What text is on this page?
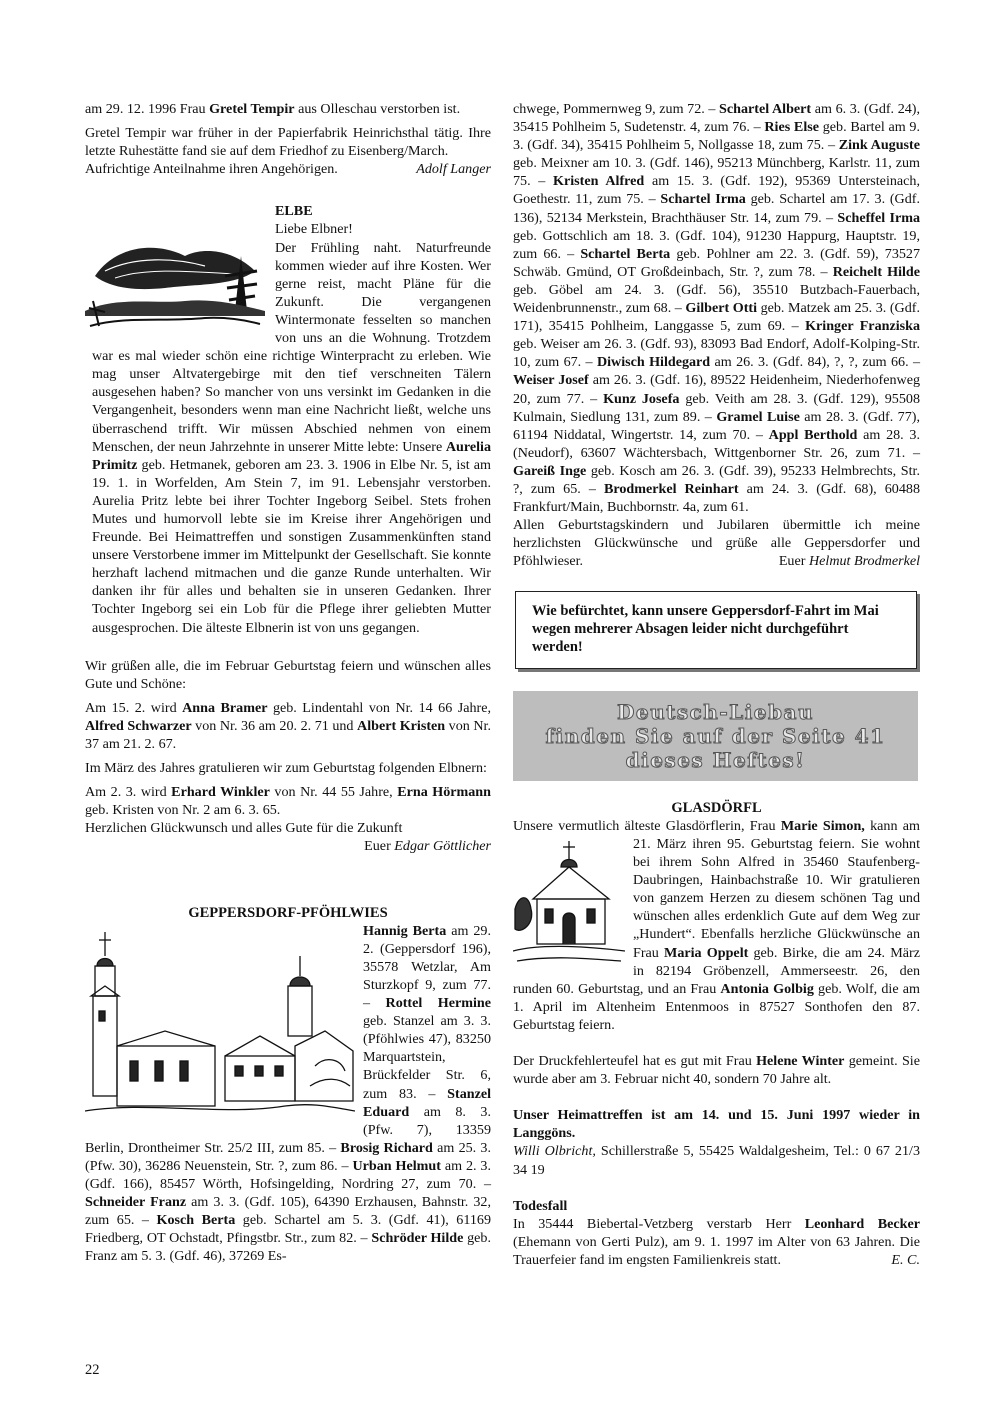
am 29. 12. 1996 Frau Gretel Tempir aus Olleschau verstorben ist.

Gretel Tempir war früher in der Papierfabrik Heinrichsthal tätig. Ihre letzte Ruhestätte fand sie auf dem Friedhof zu Eisenberg/March.

Aufrichtige Anteilnahme ihren Angehörigen.	Adolf Langer

ELBE

Liebe Elbner!

Der Frühling naht. Naturfreunde kommen wieder auf ihre Kosten. Wer gerne reist, macht Pläne für die Zukunft. Die vergangenen Wintermonate fesselten so manchen von uns an die Wohnung. Trotzdem war es mal wieder schön eine richtige Winterpracht zu erleben. Wie mag unser Altvatergebirge mit den tief verschneiten Tälern ausgesehen haben? So mancher von uns versinkt im Gedanken in die Vergangenheit, besonders wenn man eine Nachricht ließt, welche uns überraschend trifft. Wir müssen Abschied nehmen von einem Menschen, der neun Jahrzehnte in unserer Mitte lebte: Unsere Aurelia Primitz geb. Hetmanek, geboren am 23. 3. 1906 in Elbe Nr. 5, ist am 19. 1. in Worfelden, Am Stein 7, im 91. Lebensjahr verstorben. Aurelia Pritz lebte bei ihrer Tochter Ingeborg Seibel. Stets frohen Mutes und humorvoll lebte sie im Kreise ihrer Angehörigen und Freunde. Bei Heimattreffen und sonstigen Zusammenkünften stand unsere Verstorbene immer im Mittelpunkt der Gesellschaft. Sie konnte herzhaft lachend mitmachen und die ganze Runde unterhalten. Wir danken ihr für alles und behalten sie in unseren Gedanken. Ihrer Tochter Ingeborg sei ein Lob für die Pflege ihrer geliebten Mutter ausgesprochen. Die älteste Elbnerin ist von uns gegangen.

Wir grüßen alle, die im Februar Geburtstag feiern und wünschen alles Gute und Schöne:

Am 15. 2. wird Anna Bramer geb. Lindentahl von Nr. 14 66 Jahre, Alfred Schwarzer von Nr. 36 am 20. 2. 71 und Albert Kristen von Nr. 37 am 21. 2. 67.

Im März des Jahres gratulieren wir zum Geburtstag folgenden Elbnern:

Am 2. 3. wird Erhard Winkler von Nr. 44 55 Jahre, Erna Hörmann geb. Kristen von Nr. 2 am 6. 3. 65.

Herzlichen Glückwunsch und alles Gute für die Zukunft

Euer Edgar Göttlicher

GEPPERSDORF-PFÖHLWIES

Hannig Berta am 29. 2. (Geppersdorf 196), 35578 Wetzlar, Am Sturzkopf 9, zum 77. – Rottel Hermine geb. Stanzel am 3. 3. (Pföhlwies 47), 83250 Marquartstein, Brückfelder Str. 6, zum 83. – Stanzel Eduard am 8. 3. (Pfw. 7), 13359 Berlin, Drontheimer Str. 25/2 III, zum 85. – Brosig Richard am 25. 3. (Pfw. 30), 36286 Neuenstein, Str. ?, zum 86. – Urban Helmut am 2. 3. (Gdf. 166), 85457 Wörth, Hofsingelding, Nordring 27, zum 70. – Schneider Franz am 3. 3. (Gdf. 105), 64390 Erzhausen, Bahnstr. 32, zum 65. – Kosch Berta geb. Schartel am 5. 3. (Gdf. 41), 61169 Friedberg, OT Ochstadt, Pfingstbr. Str., zum 82. – Schröder Hilde geb. Franz am 5. 3. (Gdf. 46), 37269 Es-

chwege, Pommernweg 9, zum 72. – Schartel Albert am 6. 3. (Gdf. 24), 35415 Pohlheim 5, Sudetenstr. 4, zum 76. – Ries Else geb. Bartel am 9. 3. (Gdf. 34), 35415 Pohlheim 5, Nollgasse 18, zum 75. – Zink Auguste geb. Meixner am 10. 3. (Gdf. 146), 95213 Münchberg, Karlstr. 11, zum 75. – Kristen Alfred am 15. 3. (Gdf. 192), 95369 Untersteinach, Goethestr. 11, zum 75. – Schartel Irma geb. Schartel am 17. 3. (Gdf. 136), 52134 Merkstein, Brachthäuser Str. 14, zum 79. – Scheffel Irma geb. Gottschlich am 18. 3. (Gdf. 104), 91230 Happurg, Hauptstr. 19, zum 66. – Schartel Berta geb. Pohlner am 22. 3. (Gdf. 59), 73527 Schwäb. Gmünd, OT Großdeinbach, Str. ?, zum 78. – Reichelt Hilde geb. Göbel am 24. 3. (Gdf. 56), 35510 Butzbach-Fauerbach, Weidenbrunnenstr., zum 68. – Gilbert Otti geb. Matzek am 25. 3. (Gdf. 171), 35415 Pohlheim, Langgasse 5, zum 69. – Kringer Franziska geb. Weiser am 26. 3. (Gdf. 93), 83093 Bad Endorf, Adolf-Kolping-Str. 10, zum 67. – Diwisch Hildegard am 26. 3. (Gdf. 84), ?, ?, zum 66. – Weiser Josef am 26. 3. (Gdf. 16), 89522 Heidenheim, Niederhofenweg 20, zum 77. – Kunz Josefa geb. Veith am 28. 3. (Gdf. 129), 95508 Kulmain, Siedlung 131, zum 89. – Gramel Luise am 28. 3. (Gdf. 77), 61194 Niddatal, Wingertstr. 14, zum 70. – Appl Berthold am 28. 3. (Neudorf), 63607 Wächtersbach, Wittgenborner Str. 26, zum 71. – Gareiß Inge geb. Kosch am 26. 3. (Gdf. 39), 95233 Helmbrechts, Str. ?, zum 65. – Brodmerkel Reinhart am 24. 3. (Gdf. 68), 60488 Frankfurt/Main, Buchbornstr. 4a, zum 61.

Allen Geburtstagskindern und Jubilaren übermittle ich meine herzlichsten Glückwünsche und grüße alle Geppersdorfer und Pföhlwieser.	Euer Helmut Brodmerkel

Wie befürchtet, kann unsere Geppersdorf-Fahrt im Mai wegen mehrerer Absagen leider nicht durchgeführt werden!
Deutsch-Liebau
finden Sie auf der Seite 41
dieses Heftes!

GLASDÖRFL

Unsere vermutlich älteste Glasdörflerin, Frau Marie Simon,
kann am 21. März ihren 95. Geburtstag feiern. Sie wohnt bei ihrem Sohn Alfred in 35460 Staufenberg-Daubringen, Hainbachstraße 10. Wir gratulieren von ganzem Herzen zu diesem schönen Tag und wünschen alles erdenklich Gute auf dem Weg zur „Hundert“. Ebenfalls herzliche Glückwünsche an Frau Maria Oppelt geb. Birke, die am 24. März in 82194 Gröbenzell, Ammerseestr. 26, den runden 60. Geburtstag, und an Frau Antonia Golbig geb. Wolf, die am 1. April im Altenheim Entenmoos in 87527 Sonthofen den 87. Geburtstag feiern.

Der Druckfehlerteufel hat es gut mit Frau Helene Winter gemeint. Sie wurde aber am 3. Februar nicht 40, sondern 70 Jahre alt.

Unser Heimattreffen ist am 14. und 15. Juni 1997 wieder in Langgöns.

Willi Olbricht, Schillerstraße 5, 55425 Waldalgesheim, Tel.: 0 67 21/3 34 19

Todesfall

In 35444 Biebertal-Vetzberg verstarb Herr Leonhard Becker (Ehemann von Gerti Pulz), am 9. 1. 1997 im Alter von 63 Jahren. Die Trauerfeier fand im engsten Familienkreis statt.	E. C.

22
